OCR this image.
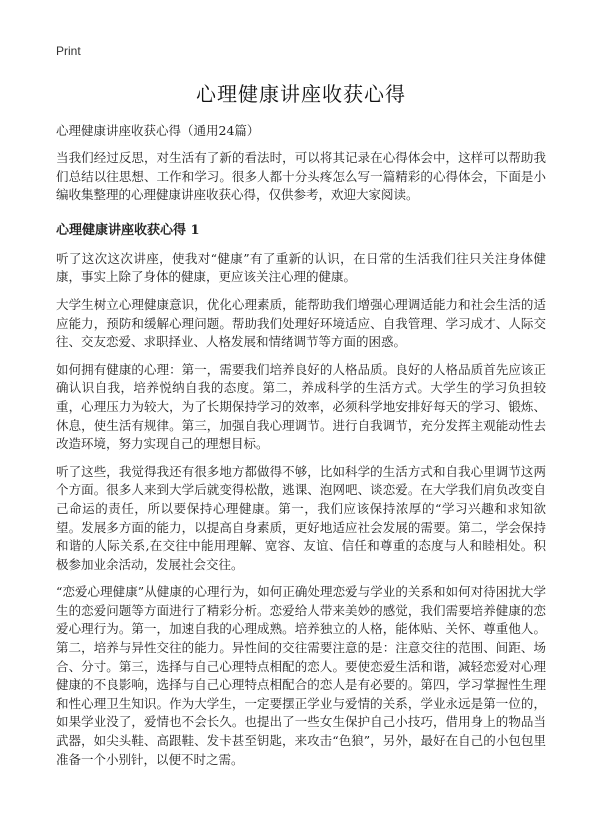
Print
心理健康讲座收获心得

心理健康讲座收获心得（通用24篇）

当我们经过反思，对生活有了新的看法时，可以将其记录在心得体会中，这样可以帮助我们总结以往思想、工作和学习。很多人都十分头疼怎么写一篇精彩的心得体会，下面是小编收集整理的心理健康讲座收获心得，仅供参考，欢迎大家阅读。

心理健康讲座收获心得 1

听了这次这次讲座，使我对“健康”有了重新的认识，在日常的生活我们往只关注身体健康，事实上除了身体的健康，更应该关注心理的健康。

大学生树立心理健康意识，优化心理素质，能帮助我们增强心理调适能力和社会生活的适应能力，预防和缓解心理问题。帮助我们处理好环境适应、自我管理、学习成才、人际交往、交友恋爱、求职择业、人格发展和情绪调节等方面的困惑。

如何拥有健康的心理：第一，需要我们培养良好的人格品质。良好的人格品质首先应该正确认识自我，培养悦纳自我的态度。第二，养成科学的生活方式。大学生的学习负担较重，心理压力为较大，为了长期保持学习的效率，必须科学地安排好每天的学习、锻炼、休息，使生活有规律。第三，加强自我心理调节。进行自我调节，充分发挥主观能动性去改造环境，努力实现自己的理想目标。

听了这些，我觉得我还有很多地方都做得不够，比如科学的生活方式和自我心里调节这两个方面。很多人来到大学后就变得松散，逃课、泡网吧、谈恋爱。在大学我们肩负改变自己命运的责任，所以要保持心理健康。第一，我们应该保持浓厚的“学习兴趣和求知欲望。发展多方面的能力，以提高自身素质，更好地适应社会发展的需要。第二，学会保持和谐的人际关系,在交往中能用理解、宽容、友谊、信任和尊重的态度与人和睦相处。积极参加业余活动，发展社会交往。

“恋爱心理健康”从健康的心理行为，如何正确处理恋爱与学业的关系和如何对待困扰大学生的恋爱问题等方面进行了精彩分析。恋爱给人带来美妙的感觉，我们需要培养健康的恋爱心理行为。第一，加速自我的心理成熟。培养独立的人格，能体贴、关怀、尊重他人。第二，培养与异性交往的能力。异性间的交往需要注意的是：注意交往的范围、间距、场合、分寸。第三，选择与自己心理特点相配的恋人。要使恋爱生活和谐，减轻恋爱对心理健康的不良影响，选择与自己心理特点相配合的恋人是有必要的。第四，学习掌握性生理和性心理卫生知识。作为大学生，一定要摆正学业与爱情的关系，学业永远是第一位的，如果学业没了，爱情也不会长久。也提出了一些女生保护自己小技巧，借用身上的物品当武器，如尖头鞋、高跟鞋、发卡甚至钥匙，来攻击“色狼”，另外，最好在自己的小包包里准备一个小别针，以便不时之需。
